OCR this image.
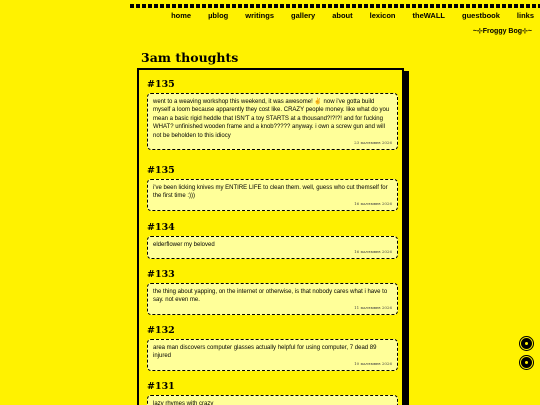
home µblog writings gallery about lexicon theWALL guestbook links
~⊹Froggy Bog⊹~
3am thoughts
#135
went to a weaving workshop this weekend, it was awesome! ✌ now i've gotta build myself a loom because apparently they cost like. CRAZY people money. like what do you mean a basic rigid heddle that ISN'T a toy STARTS at a thousand?!?!?! and for fucking WHAT? unfinished wooden frame and a knob????? anyway. i own a screw gun and will not be beholden to this idiocy
23 ᴍᴀʏᴇᴍʙᴇʀ 2026
#135
i've been licking knives my ENTIRE LIFE to clean them. well, guess who cut themself for the first time :)))
16 ᴍᴀʏᴇᴍʙᴇʀ 2026
#134
elderflower my beloved
16 ᴍᴀʏᴇᴍʙᴇʀ 2026
#133
the thing about yapping, on the internet or otherwise, is that nobody cares what i have to say. not even me.
11 ᴍᴀʏᴇᴍʙᴇʀ 2026
#132
area man discovers computer glasses actually helpful for using computer, 7 dead 89 injured
10 ᴍᴀʏᴇᴍʙᴇʀ 2026
#131
lazy rhymes with crazy
